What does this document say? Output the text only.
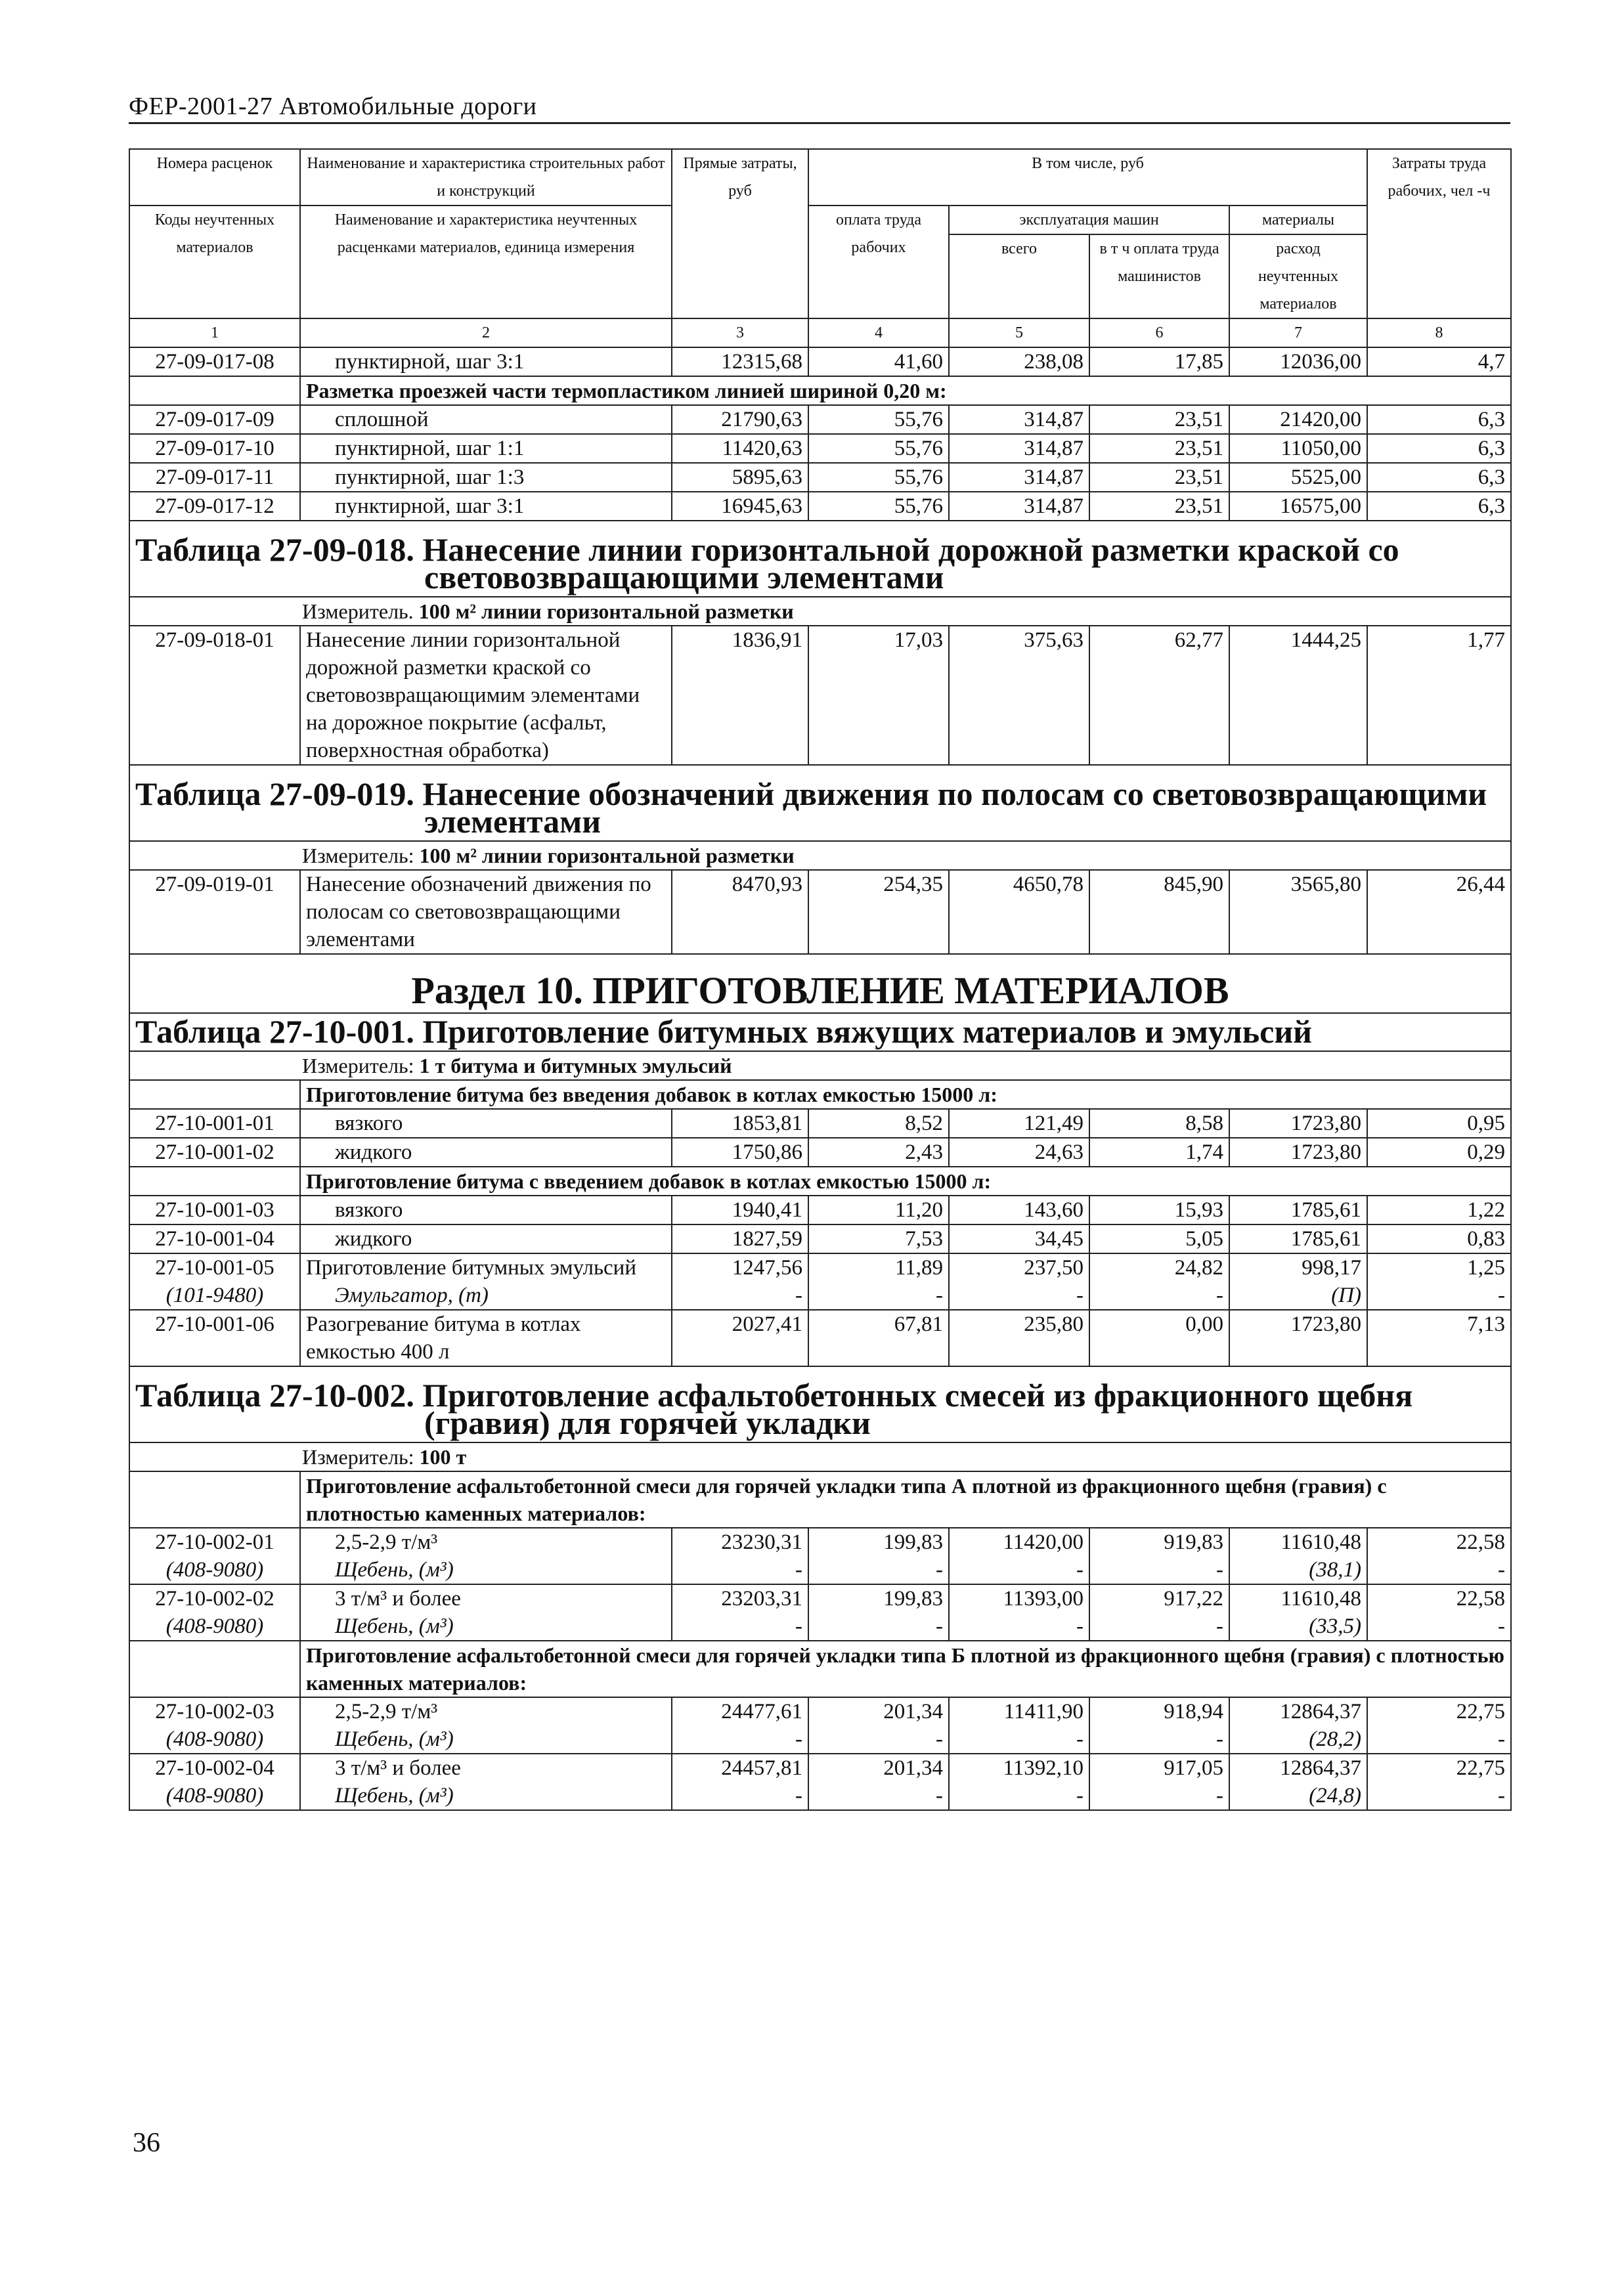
ФЕР-2001-27 Автомобильные дороги
Номера расценок	Наименование и характеристика строительных работ и конструкций	Прямые затраты, руб	В том числе, руб				Затраты труда рабочих, чел -ч
Коды неучтенных материалов	Наименование и характеристика неучтенных расценками материалов, единица измерения		оплата труда рабочих	эксплуатация машин		материалы	
				всего	в т ч оплата труда машинистов	расход неучтенных материалов	
1	2	3	4	5	6	7	8
27-09-017-08	пунктирной, шаг 3:1	12315,68	41,60	238,08	17,85	12036,00	4,7
	Разметка проезжей части термопластиком линией шириной 0,20 м:						
27-09-017-09	сплошной	21790,63	55,76	314,87	23,51	21420,00	6,3
27-09-017-10	пунктирной, шаг 1:1	11420,63	55,76	314,87	23,51	11050,00	6,3
27-09-017-11	пунктирной, шаг 1:3	5895,63	55,76	314,87	23,51	5525,00	6,3
27-09-017-12	пунктирной, шаг 3:1	16945,63	55,76	314,87	23,51	16575,00	6,3
Таблица 27-09-018. Нанесение линии горизонтальной дорожной разметки краской со
световозвращающими элементами							

Измеритель. 100 м² линии горизонтальной разметки							
27-09-018-01	Нанесение линии горизонтальной дорожной разметки краской со световозвращающимим элементами на дорожное покрытие (асфальт, поверхностная обработка)	1836,91	17,03	375,63	62,77	1444,25	1,77
Таблица 27-09-019. Нанесение обозначений движения по полосам со световозвращающими
элементами							

Измеритель: 100 м² линии горизонтальной разметки							
27-09-019-01	Нанесение обозначений движения по полосам со световозвращающими элементами	8470,93	254,35	4650,78	845,90	3565,80	26,44
Раздел 10. ПРИГОТОВЛЕНИЕ МАТЕРИАЛОВ							
Таблица 27-10-001. Приготовление битумных вяжущих материалов и эмульсий							
Измеритель: 1 т битума и битумных эмульсий							
	Приготовление битума без введения добавок в котлах емкостью 15000 л:						
27-10-001-01	вязкого	1853,81	8,52	121,49	8,58	1723,80	0,95
27-10-001-02	жидкого	1750,86	2,43	24,63	1,74	1723,80	0,29
	Приготовление битума с введением добавок в котлах емкостью 15000 л:						
27-10-001-03	вязкого	1940,41	11,20	143,60	15,93	1785,61	1,22
27-10-001-04	жидкого	1827,59	7,53	34,45	5,05	1785,61	0,83
27-10-001-05	Приготовление битумных эмульсий	1247,56	11,89	237,50	24,82	998,17	1,25
(101-9480)	Эмульгатор, (т)	-	-	-	-	(П)	-
27-10-001-06	Разогревание битума в котлах емкостью 400 л	2027,41	67,81	235,80	0,00	1723,80	7,13
Таблица 27-10-002. Приготовление асфальтобетонных смесей из фракционного щебня
(гравия) для горячей укладки							

Измеритель: 100 т							
	Приготовление асфальтобетонной смеси для горячей укладки типа А плотной из фракционного щебня (гравия) с плотностью каменных материалов:						
27-10-002-01	2,5-2,9 т/м³	23230,31	199,83	11420,00	919,83	11610,48	22,58
(408-9080)	Щебень, (м³)	-	-	-	-	(38,1)	-
27-10-002-02	3 т/м³ и более	23203,31	199,83	11393,00	917,22	11610,48	22,58
(408-9080)	Щебень, (м³)	-	-	-	-	(33,5)	-
	Приготовление асфальтобетонной смеси для горячей укладки типа Б плотной из фракционного щебня (гравия) с плотностью каменных материалов:						
27-10-002-03	2,5-2,9 т/м³	24477,61	201,34	11411,90	918,94	12864,37	22,75
(408-9080)	Щебень, (м³)	-	-	-	-	(28,2)	-
27-10-002-04	3 т/м³ и более	24457,81	201,34	11392,10	917,05	12864,37	22,75
(408-9080)	Щебень, (м³)	-	-	-	-	(24,8)	-
36
